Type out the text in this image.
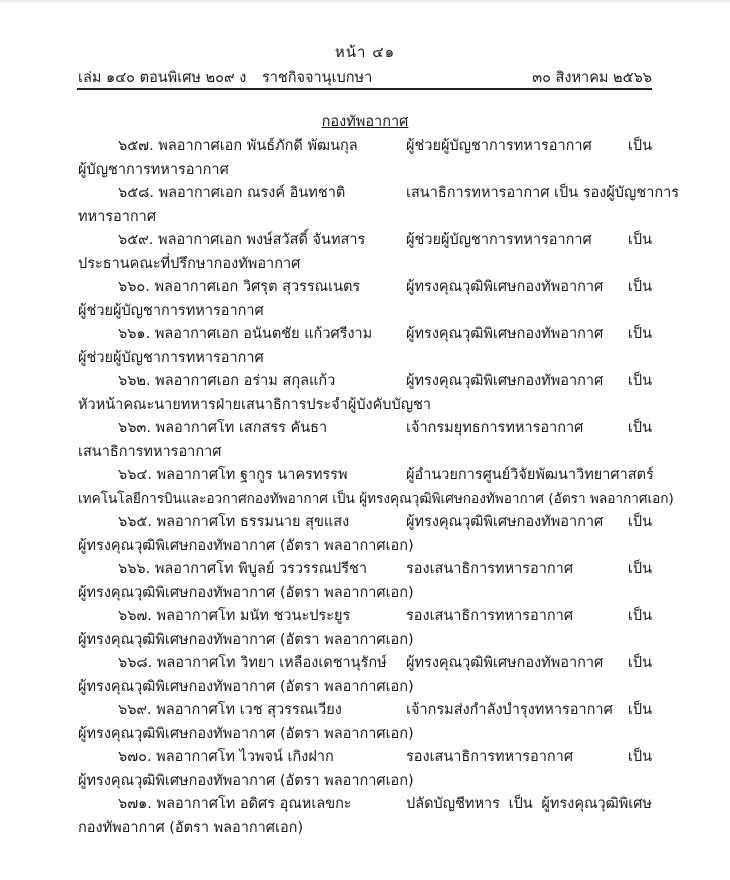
หน้า ๔๑
เล่ม ๑๔๐ ตอนพิเศษ ๒๐๙ ง ราชกิจจานุเบกษา	๓๐ สิงหาคม ๒๕๖๖
กองทัพอากาศ
๖๕๗. พลอากาศเอก พันธ์ภักดี พัฒนกุล	ผู้ช่วยผู้บัญชาการทหารอากาศ เป็น
ผู้บัญชาการทหารอากาศ
๖๕๘. พลอากาศเอก ณรงค์ อินทชาติ	เสนาธิการทหารอากาศ เป็น รองผู้บัญชาการ
ทหารอากาศ
๖๕๙. พลอากาศเอก พงษ์สวัสดิ์ จันทสาร	ผู้ช่วยผู้บัญชาการทหารอากาศ เป็น
ประธานคณะที่ปรึกษากองทัพอากาศ
๖๖๐. พลอากาศเอก วิศรุต สุวรรณเนตร	ผู้ทรงคุณวุฒิพิเศษกองทัพอากาศ เป็น
ผู้ช่วยผู้บัญชาการทหารอากาศ
๖๖๑. พลอากาศเอก อนันตชัย แก้วศรีงาม ผู้ทรงคุณวุฒิพิเศษกองทัพอากาศ เป็น
ผู้ช่วยผู้บัญชาการทหารอากาศ
๖๖๒. พลอากาศเอก อร่าม สกุลแก้ว	ผู้ทรงคุณวุฒิพิเศษกองทัพอากาศ เป็น
หัวหน้าคณะนายทหารฝ่ายเสนาธิการประจำผู้บังคับบัญชา
๖๖๓. พลอากาศโท เสกสรร คันธา	เจ้ากรมยุทธการทหารอากาศ เป็น
เสนาธิการทหารอากาศ
๖๖๔. พลอากาศโท ฐากูร นาครทรรพ	ผู้อำนวยการศูนย์วิจัยพัฒนาวิทยาศาสตร์
เทคโนโลยีการบินและอวกาศกองทัพอากาศ เป็น ผู้ทรงคุณวุฒิพิเศษกองทัพอากาศ (อัตรา พลอากาศเอก)
๖๖๕. พลอากาศโท ธรรมนาย สุขแสง	ผู้ทรงคุณวุฒิพิเศษกองทัพอากาศ เป็น
ผู้ทรงคุณวุฒิพิเศษกองทัพอากาศ (อัตรา พลอากาศเอก)
๖๖๖. พลอากาศโท พิบูลย์ วรวรรณปรีชา	รองเสนาธิการทหารอากาศ เป็น
ผู้ทรงคุณวุฒิพิเศษกองทัพอากาศ (อัตรา พลอากาศเอก)
๖๖๗. พลอากาศโท มนัท ชวนะประยูร	รองเสนาธิการทหารอากาศ เป็น
ผู้ทรงคุณวุฒิพิเศษกองทัพอากาศ (อัตรา พลอากาศเอก)
๖๖๘. พลอากาศโท วิทยา เหลืองเดชานุรักษ์ ผู้ทรงคุณวุฒิพิเศษกองทัพอากาศ เป็น
ผู้ทรงคุณวุฒิพิเศษกองทัพอากาศ (อัตรา พลอากาศเอก)
๖๖๙. พลอากาศโท เวช สุวรรณเวียง	เจ้ากรมส่งกำลังบำรุงทหารอากาศ เป็น
ผู้ทรงคุณวุฒิพิเศษกองทัพอากาศ (อัตรา พลอากาศเอก)
๖๗๐. พลอากาศโท ไวพจน์ เกิงฝาก	รองเสนาธิการทหารอากาศ เป็น
ผู้ทรงคุณวุฒิพิเศษกองทัพอากาศ (อัตรา พลอากาศเอก)
๖๗๑. พลอากาศโท อดิศร อุณหเลขกะ	ปลัดบัญชีทหาร เป็น ผู้ทรงคุณวุฒิพิเศษ
กองทัพอากาศ (อัตรา พลอากาศเอก)
